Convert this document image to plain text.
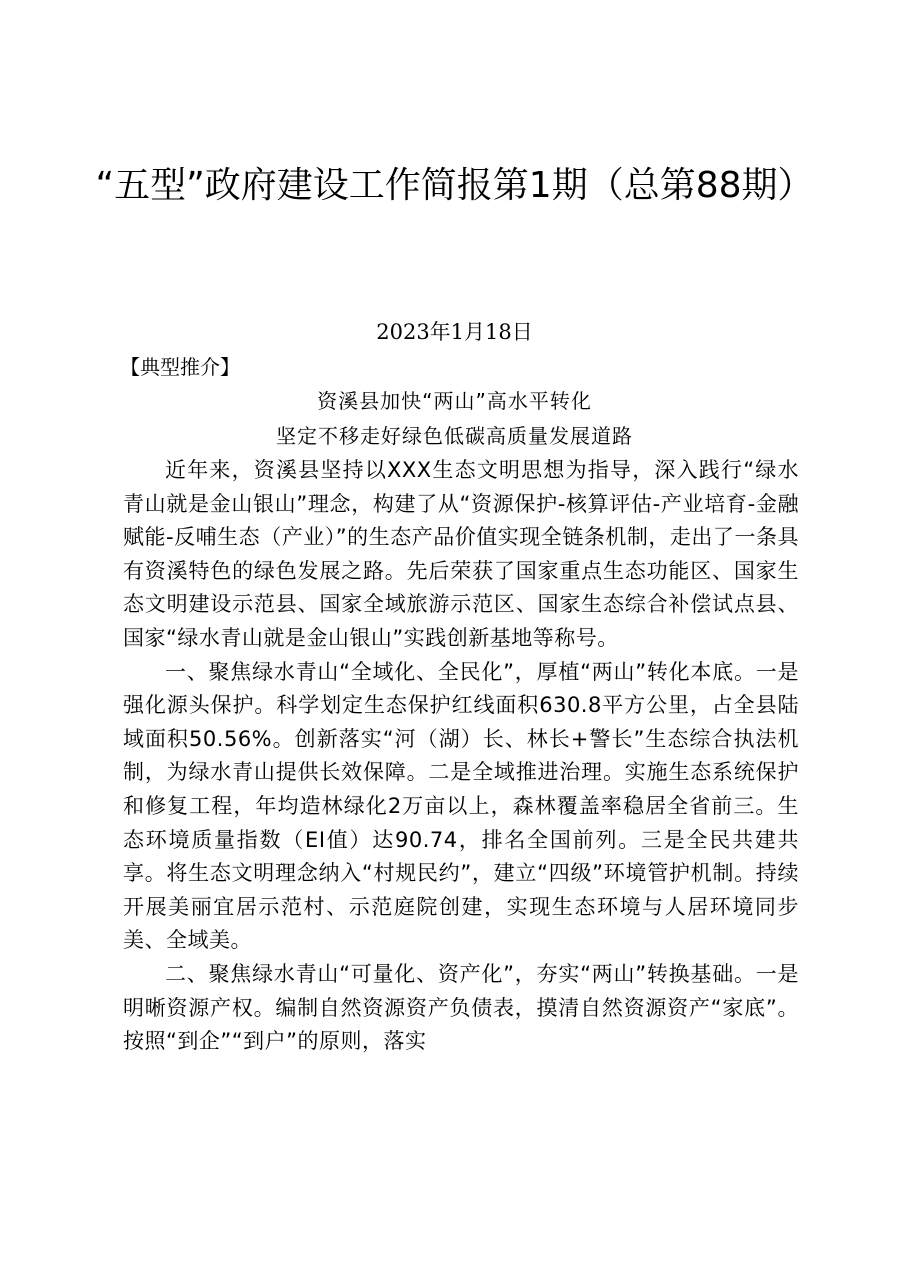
“五型”政府建设工作简报第1期（总第88期）
2023年1月18日
【典型推介】
资溪县加快“两山”高水平转化
坚定不移走好绿色低碳高质量发展道路

近年来，资溪县坚持以XXX生态文明思想为指导，深入践行“绿水青山就是金山银山”理念，构建了从“资源保护-核算评估-产业培育-金融赋能-反哺生态（产业）”的生态产品价值实现全链条机制，走出了一条具有资溪特色的绿色发展之路。先后荣获了国家重点生态功能区、国家生态文明建设示范县、国家全域旅游示范区、国家生态综合补偿试点县、国家“绿水青山就是金山银山”实践创新基地等称号。

一、聚焦绿水青山“全域化、全民化”，厚植“两山”转化本底。一是强化源头保护。科学划定生态保护红线面积630.8平方公里，占全县陆域面积50.56%。创新落实“河（湖）长、林长+警长”生态综合执法机制，为绿水青山提供长效保障。二是全域推进治理。实施生态系统保护和修复工程，年均造林绿化2万亩以上，森林覆盖率稳居全省前三。生态环境质量指数（EI值）达90.74，排名全国前列。三是全民共建共享。将生态文明理念纳入“村规民约”，建立“四级”环境管护机制。持续开展美丽宜居示范村、示范庭院创建，实现生态环境与人居环境同步美、全域美。

二、聚焦绿水青山“可量化、资产化”，夯实“两山”转换基础。一是明晰资源产权。编制自然资源资产负债表，摸清自然资源资产“家底”。按照“到企”“到户”的原则，落实
